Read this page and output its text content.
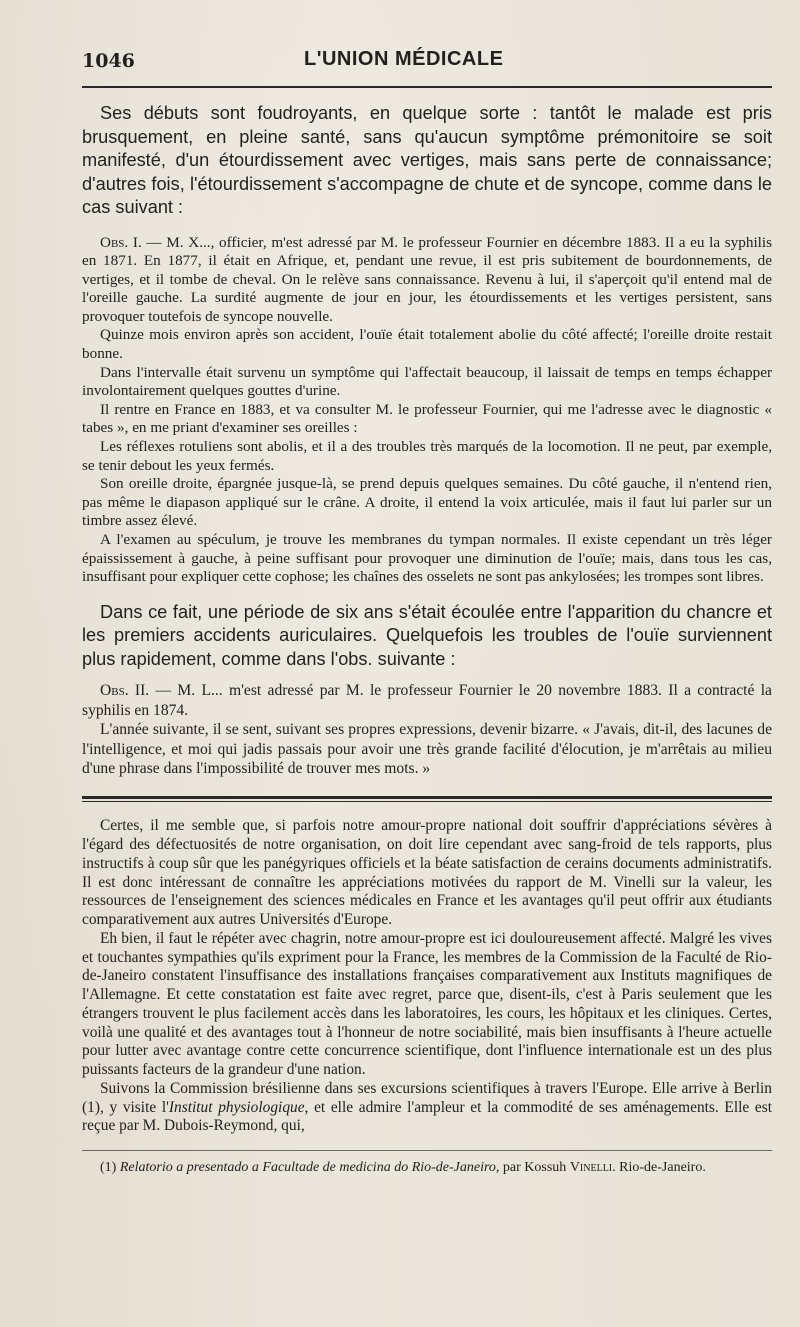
1046	L'UNION MÉDICALE

Ses débuts sont foudroyants, en quelque sorte : tantôt le malade est pris brusquement, en pleine santé, sans qu'aucun symptôme prémonitoire se soit manifesté, d'un étourdissement avec vertiges, mais sans perte de connaissance; d'autres fois, l'étourdissement s'accompagne de chute et de syncope, comme dans le cas suivant :

Obs. I. — M. X..., officier, m'est adressé par M. le professeur Fournier en décembre 1883. Il a eu la syphilis en 1871. En 1877, il était en Afrique, et, pendant une revue, il est pris subitement de bourdonnements, de vertiges, et il tombe de cheval. On le relève sans connaissance. Revenu à lui, il s'aperçoit qu'il entend mal de l'oreille gauche. La surdité augmente de jour en jour, les étourdissements et les vertiges persistent, sans provoquer toutefois de syncope nouvelle.

Quinze mois environ après son accident, l'ouïe était totalement abolie du côté affecté; l'oreille droite restait bonne.

Dans l'intervalle était survenu un symptôme qui l'affectait beaucoup, il laissait de temps en temps échapper involontairement quelques gouttes d'urine.

Il rentre en France en 1883, et va consulter M. le professeur Fournier, qui me l'adresse avec le diagnostic « tabes », en me priant d'examiner ses oreilles :

Les réflexes rotuliens sont abolis, et il a des troubles très marqués de la locomotion. Il ne peut, par exemple, se tenir debout les yeux fermés.

Son oreille droite, épargnée jusque-là, se prend depuis quelques semaines. Du côté gauche, il n'entend rien, pas même le diapason appliqué sur le crâne. A droite, il entend la voix articulée, mais il faut lui parler sur un timbre assez élevé.

A l'examen au spéculum, je trouve les membranes du tympan normales. Il existe cependant un très léger épaississement à gauche, à peine suffisant pour provoquer une diminution de l'ouïe; mais, dans tous les cas, insuffisant pour expliquer cette cophose; les chaînes des osselets ne sont pas ankylosées; les trompes sont libres.

Dans ce fait, une période de six ans s'était écoulée entre l'apparition du chancre et les premiers accidents auriculaires. Quelquefois les troubles de l'ouïe surviennent plus rapidement, comme dans l'obs. suivante :

Obs. II. — M. L... m'est adressé par M. le professeur Fournier le 20 novembre 1883. Il a contracté la syphilis en 1874.

L'année suivante, il se sent, suivant ses propres expressions, devenir bizarre. « J'avais, dit-il, des lacunes de l'intelligence, et moi qui jadis passais pour avoir une très grande facilité d'élocution, je m'arrêtais au milieu d'une phrase dans l'impossibilité de trouver mes mots. »

Certes, il me semble que, si parfois notre amour-propre national doit souffrir d'appréciations sévères à l'égard des défectuosités de notre organisation, on doit lire cependant avec sang-froid de tels rapports, plus instructifs à coup sûr que les panégyriques officiels et la béate satisfaction de cerains documents administratifs. Il est donc intéressant de connaître les appréciations motivées du rapport de M. Vinelli sur la valeur, les ressources de l'enseignement des sciences médicales en France et les avantages qu'il peut offrir aux étudiants comparativement aux autres Universités d'Europe.

Eh bien, il faut le répéter avec chagrin, notre amour-propre est ici douloureusement affecté. Malgré les vives et touchantes sympathies qu'ils expriment pour la France, les membres de la Commission de la Faculté de Rio-de-Janeiro constatent l'insuffisance des installations françaises comparativement aux Instituts magnifiques de l'Allemagne. Et cette constatation est faite avec regret, parce que, disent-ils, c'est à Paris seulement que les étrangers trouvent le plus facilement accès dans les laboratoires, les cours, les hôpitaux et les cliniques. Certes, voilà une qualité et des avantages tout à l'honneur de notre sociabilité, mais bien insuffisants à l'heure actuelle pour lutter avec avantage contre cette concurrence scientifique, dont l'influence internationale est un des plus puissants facteurs de la grandeur d'une nation.

Suivons la Commission brésilienne dans ses excursions scientifiques à travers l'Europe. Elle arrive à Berlin (1), y visite l'Institut physiologique, et elle admire l'ampleur et la commodité de ses aménagements. Elle est reçue par M. Dubois-Reymond, qui,

(1) Relatorio a presentado a Facultade de medicina do Rio-de-Janeiro, par Kossuh Vinelli. Rio-de-Janeiro.
